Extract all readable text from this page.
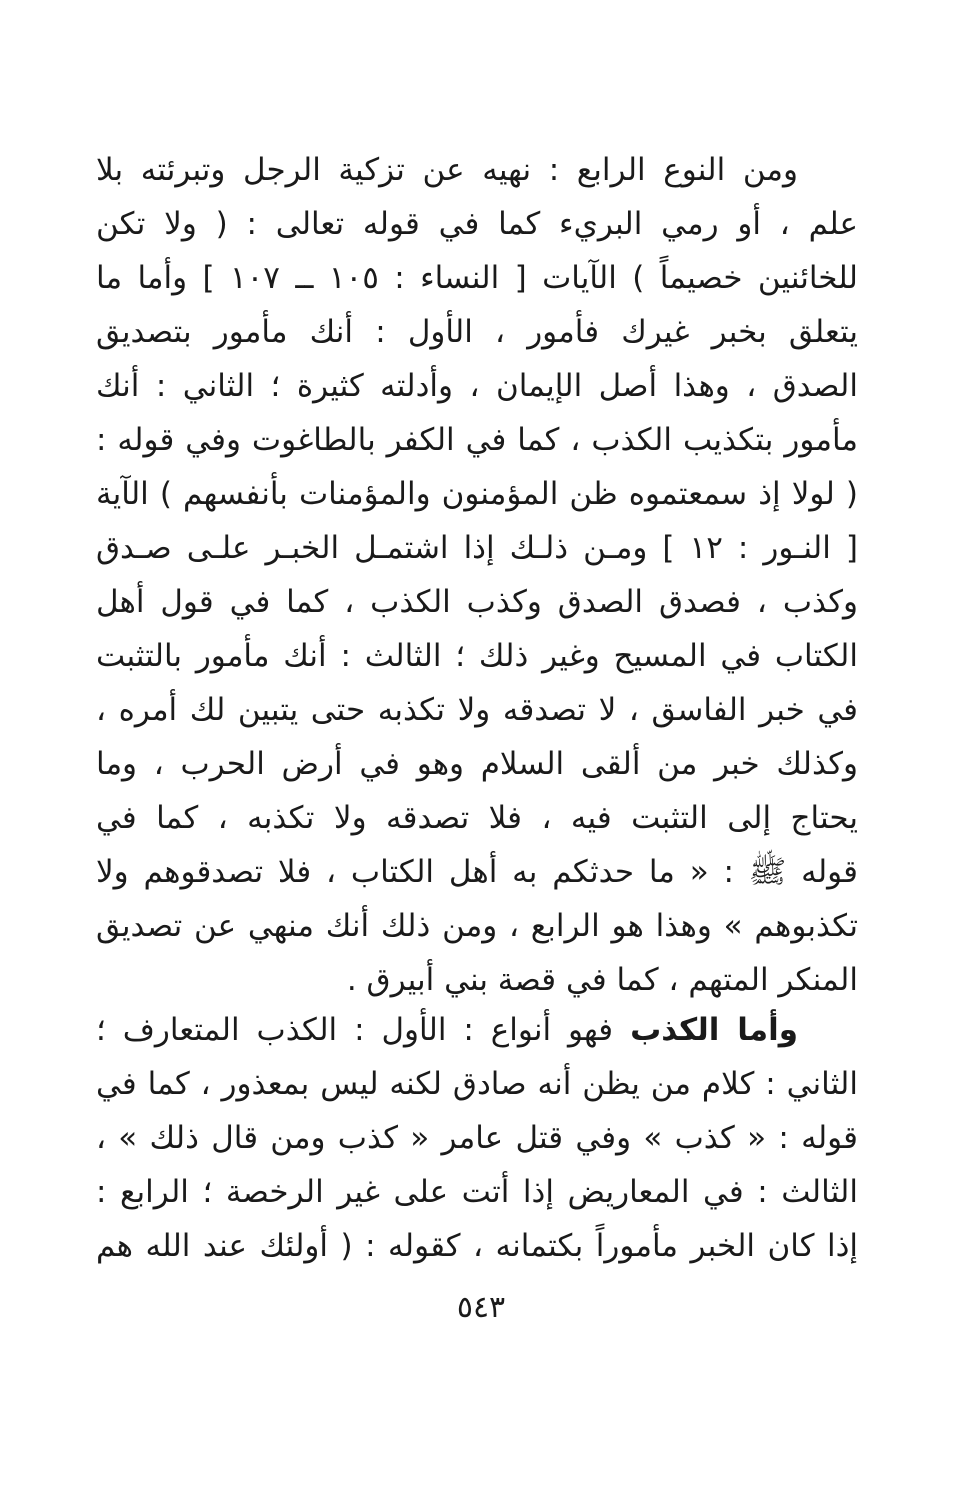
ومن النوع الرابع : نهيه عن تزكية الرجل وتبرئته بلا
علم ، أو رمي البريء كما في قوله تعالى : ( ولا تكن
للخائنين خصيماً ) الآيات [ النساء : ١٠٥ ــ ١٠٧ ] وأما ما
يتعلق بخبر غيرك فأمور ، الأول : أنك مأمور بتصديق
الصدق ، وهذا أصل الإيمان ، وأدلته كثيرة ؛ الثاني : أنك
مأمور بتكذيب الكذب ، كما في الكفر بالطاغوت وفي قوله :
( لولا إذ سمعتموه ظن المؤمنون والمؤمنات بأنفسهم ) الآية
[ النـور : ١٢ ] ومـن ذلـك إذا اشتمـل الخبـر علـى صـدق
وكذب ، فصدق الصدق وكذب الكذب ، كما في قول أهل
الكتاب في المسيح وغير ذلك ؛ الثالث : أنك مأمور بالتثبت
في خبر الفاسق ، لا تصدقه ولا تكذبه حتى يتبين لك أمره ،
وكذلك خبر من ألقى السلام وهو في أرض الحرب ، وما
يحتاج إلى التثبت فيه ، فلا تصدقه ولا تكذبه ، كما في
قوله ﷺ : « ما حدثكم به أهل الكتاب ، فلا تصدقوهم ولا
تكذبوهم » وهذا هو الرابع ، ومن ذلك أنك منهي عن تصديق
المنكر المتهم ، كما في قصة بني أبيرق .
وأما الكذب فهو أنواع : الأول : الكذب المتعارف ؛
الثاني : كلام من يظن أنه صادق لكنه ليس بمعذور ، كما في
قوله : « كذب » وفي قتل عامر « كذب ومن قال ذلك » ،
الثالث : في المعاريض إذا أتت على غير الرخصة ؛ الرابع :
إذا كان الخبر مأموراً بكتمانه ، كقوله : ( أولئك عند الله هم
٥٤٣
